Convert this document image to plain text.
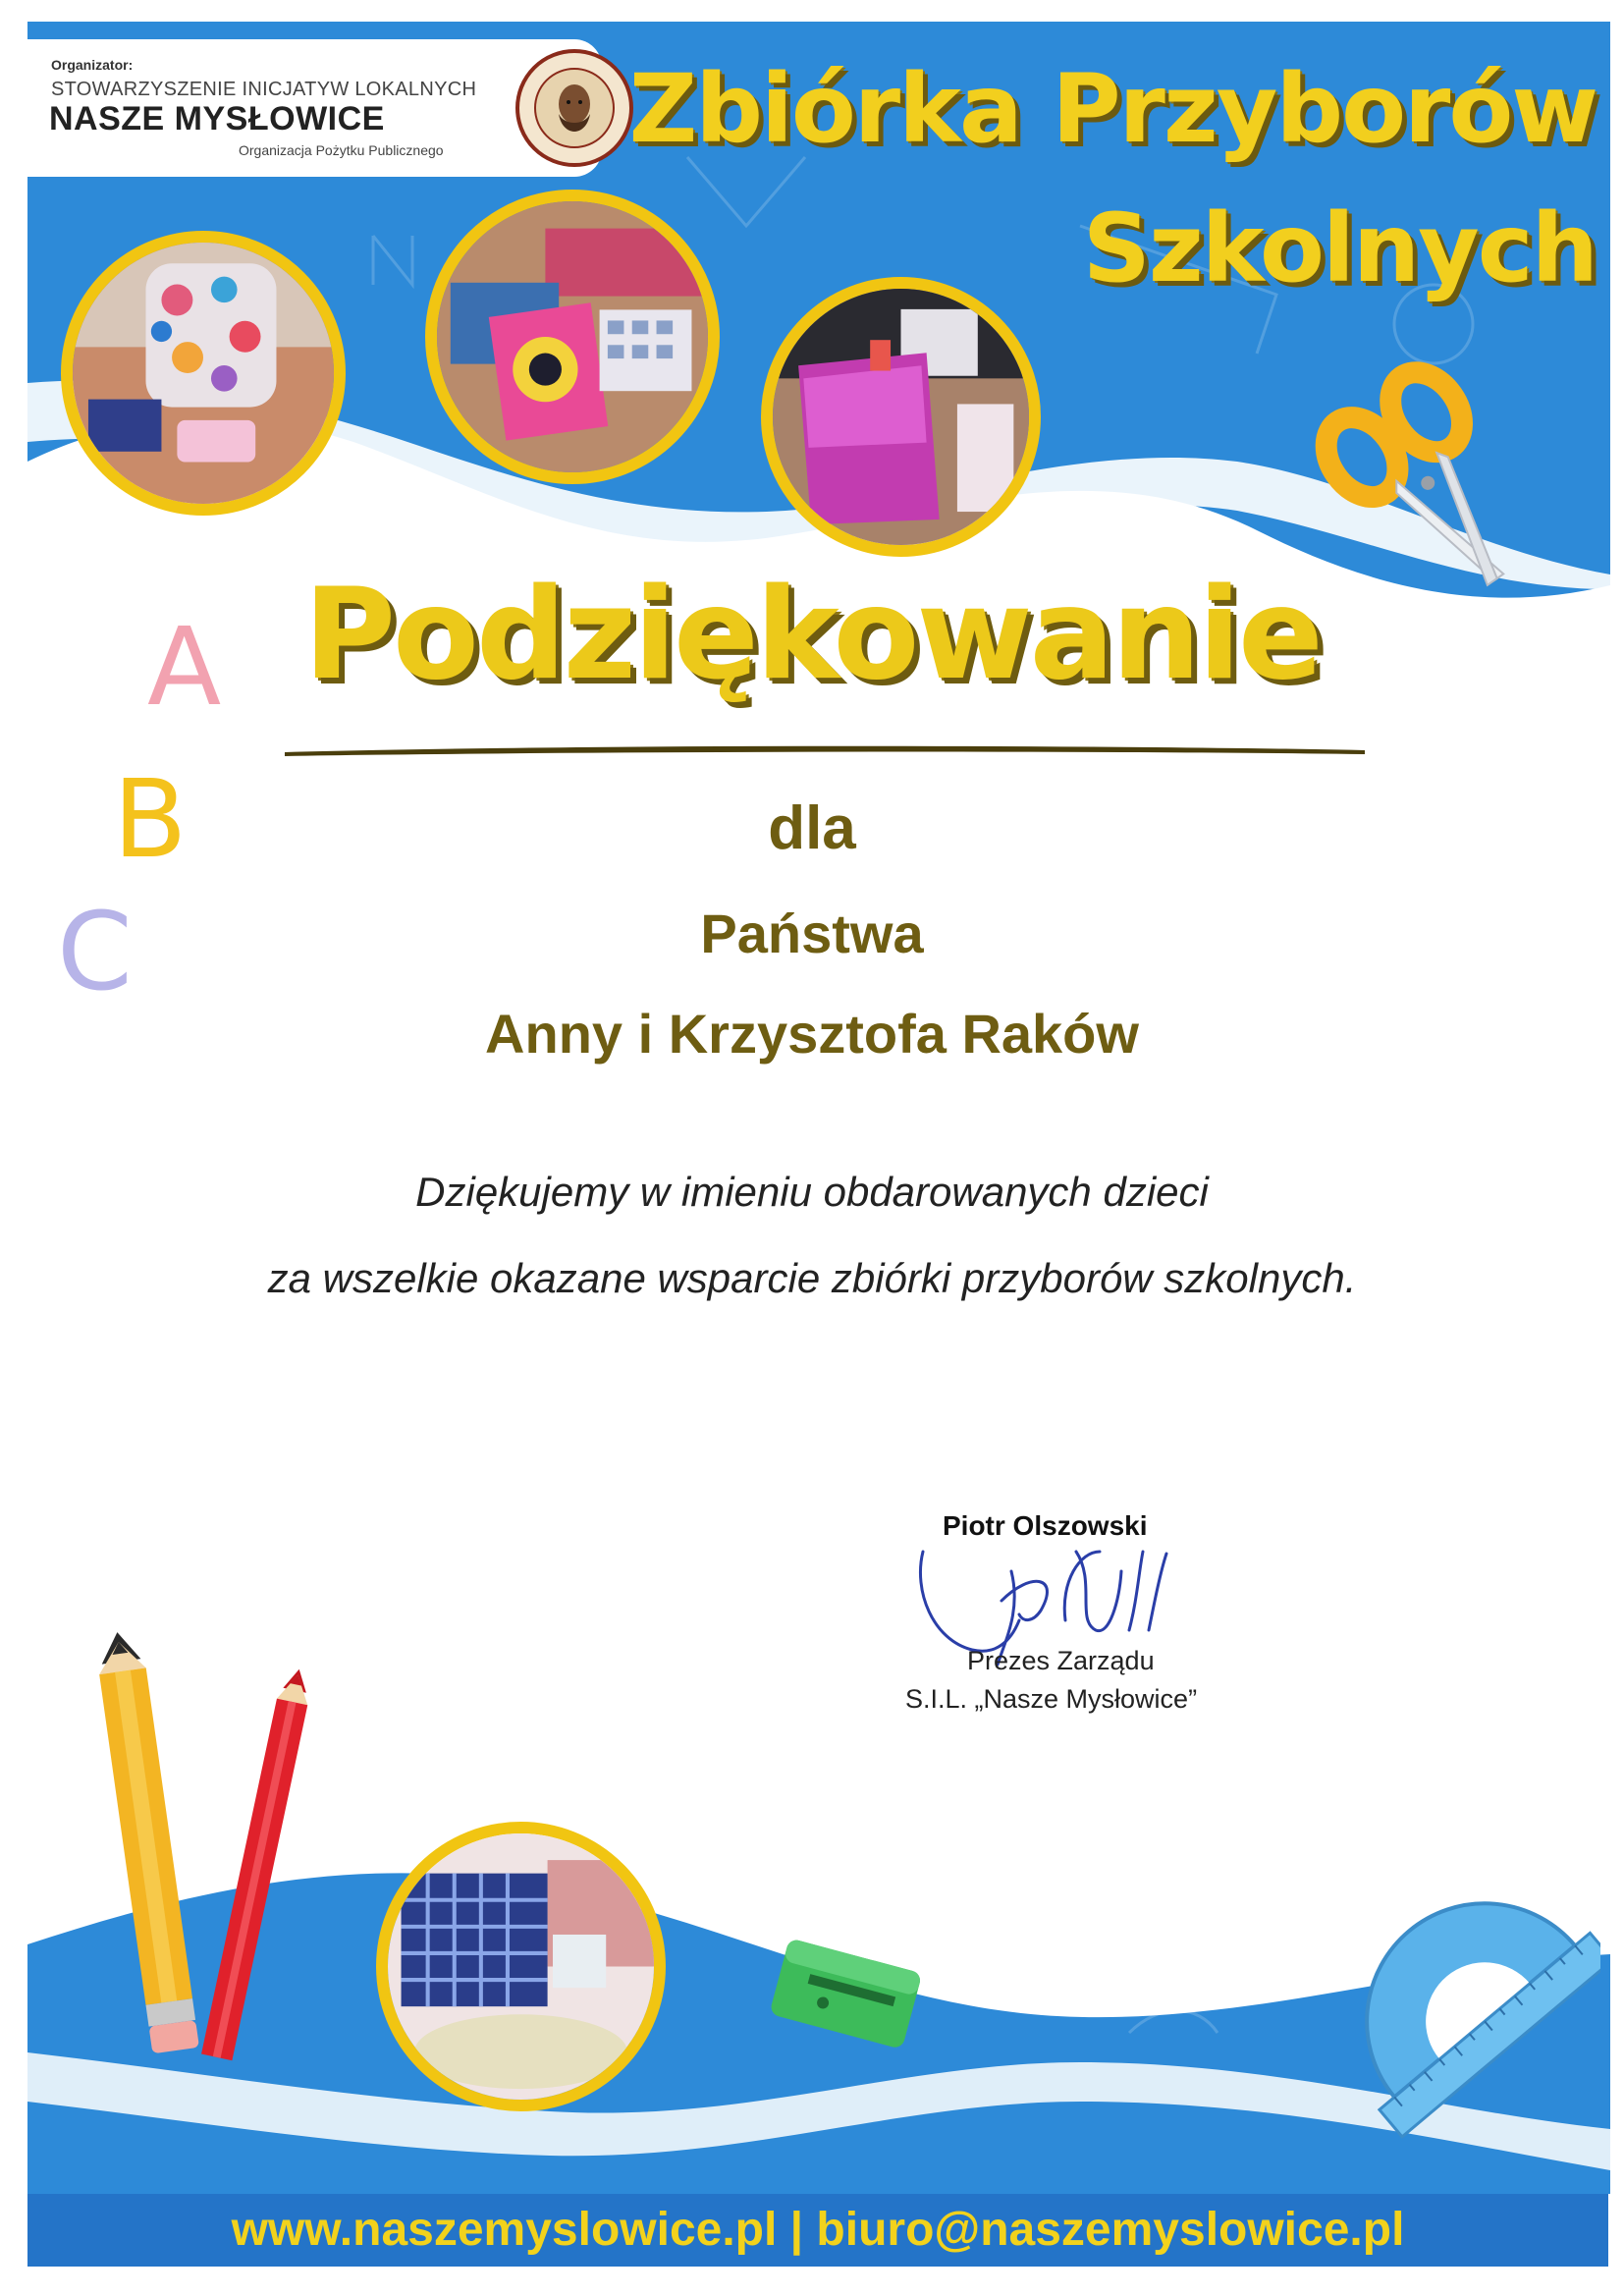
Organizator:
STOWARZYSZENIE INICJATYW LOKALNYCH
NASZE MYSŁOWICE
Organizacja Pożytku Publicznego Zbiórka Przyborów
Szkolnych
Podziękowanie
A
B
C
dla
Państwa
Anny i Krzysztofa Raków
Dziękujemy w imieniu obdarowanych dzieci
za wszelkie okazane wsparcie zbiórki przyborów szkolnych.
Piotr Olszowski
Prezes Zarządu
S.I.L. „Nasze Mysłowice”
www.naszemyslowice.pl | biuro@naszemyslowice.pl
